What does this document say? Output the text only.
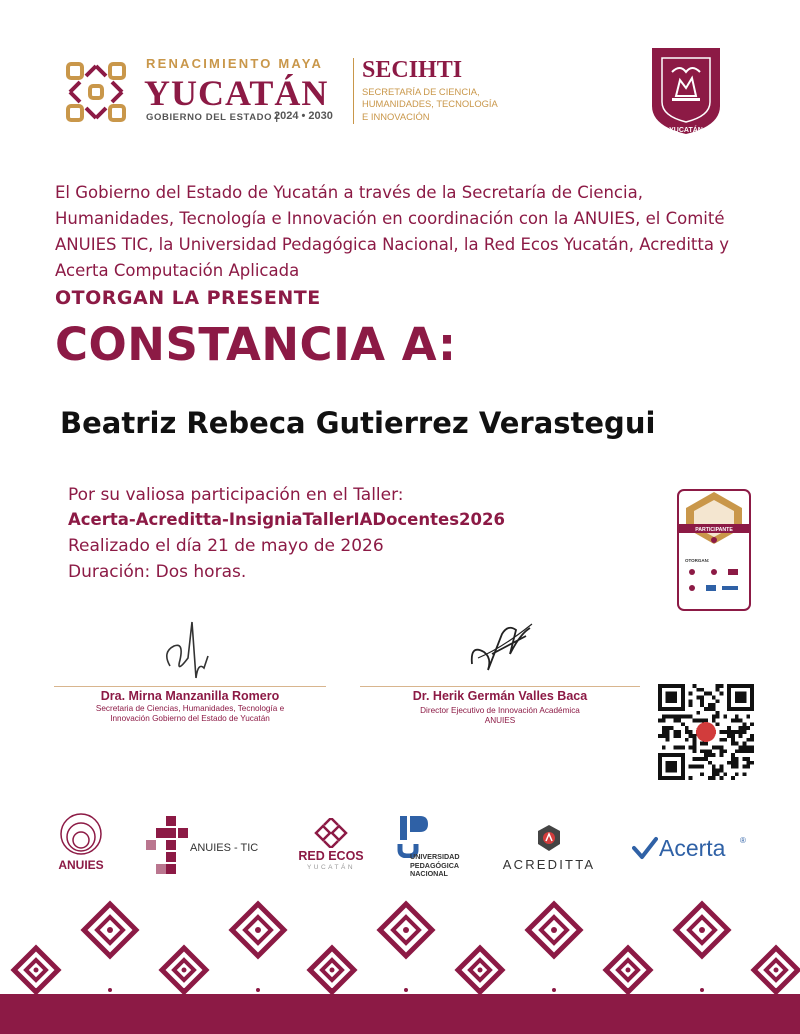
RENACIMIENTO MAYA
YUCATÁN
GOBIERNO DEL ESTADO |
2024 • 2030
SECIHTI
SECRETARÍA DE CIENCIA,
HUMANIDADES, TECNOLOGÍA
E INNOVACIÓN
YUCATÁN
El Gobierno del Estado de Yucatán a través de la Secretaría de Ciencia, Humanidades, Tecnología e Innovación en coordinación con la ANUIES, el Comité ANUIES TIC, la Universidad Pedagógica Nacional, la Red Ecos Yucatán, Acreditta y Acerta Computación Aplicada
OTORGAN LA PRESENTE
CONSTANCIA A:
Beatriz Rebeca Gutierrez Verastegui
Por su valiosa participación en el Taller:
Acerta-Acreditta-InsigniaTallerIADocentes2026
Realizado el día 21 de mayo de 2026
Duración: Dos horas.
PARTICIPANTE
OTORGAN:
Dra. Mirna Manzanilla Romero
Secretaria de Ciencias, Humanidades, Tecnología e
Innovación Gobierno del Estado de Yucatán
Dr. Herik Germán Valles Baca
Director Ejecutivo de Innovación Académica
ANUIES
ANUIES
ANUIES - TIC
RED ECOS
YUCATÁN
UNIVERSIDAD
PEDAGÓGICA
NACIONAL
ACREDITTA
Acerta ®
